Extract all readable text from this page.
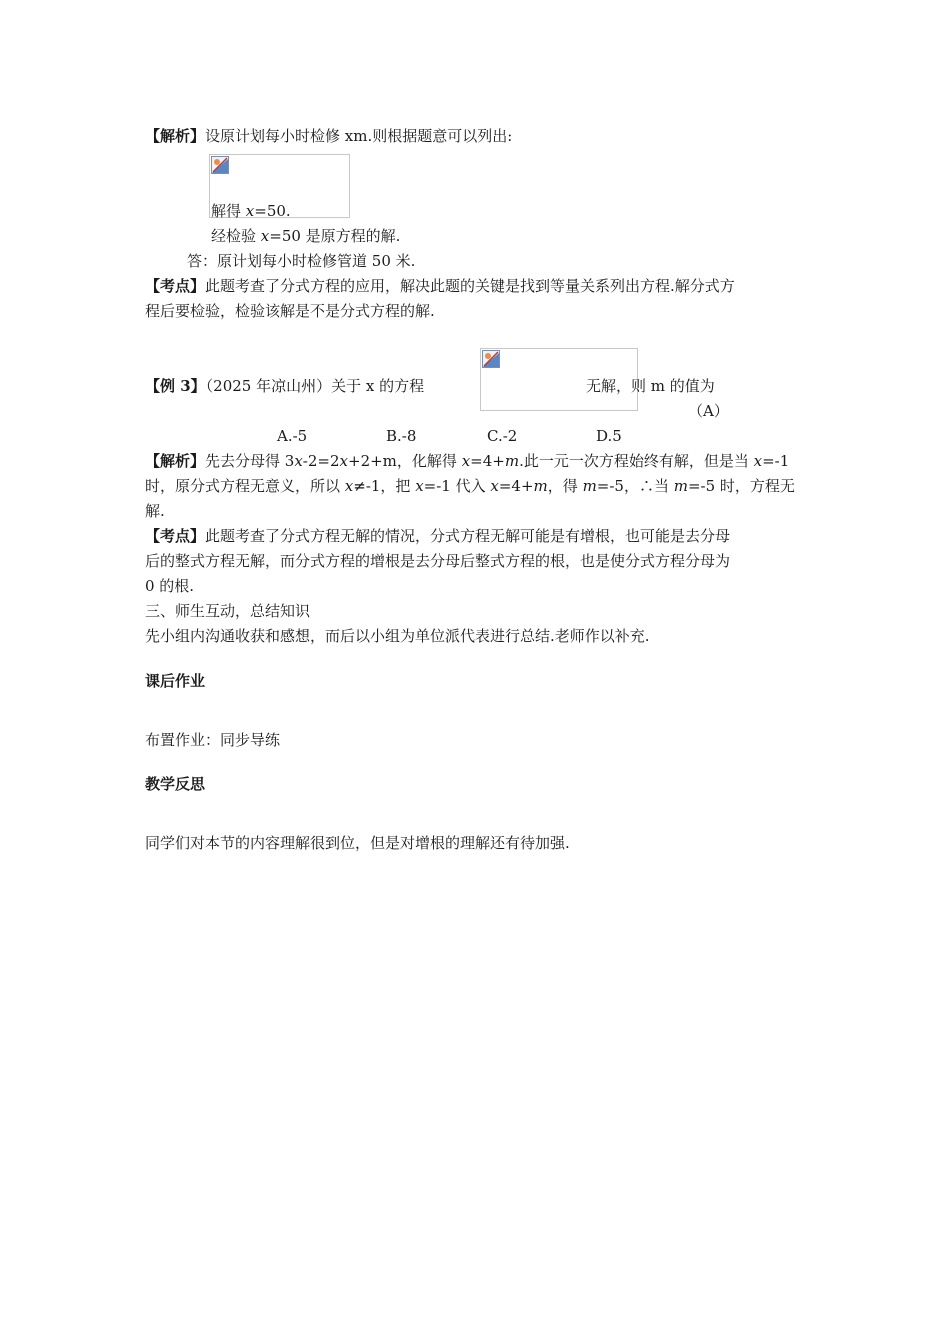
【解析】设原计划每小时检修 xm.则根据题意可以列出:
解得 x=50.
经检验 x=50 是原方程的解.
答：原计划每小时检修管道 50 米.
【考点】此题考查了分式方程的应用，解决此题的关键是找到等量关系列出方程.解分式方
程后要检验，检验该解是不是分式方程的解.
【例 3】（2025 年凉山州）关于 x 的方程	无解，则 m 的值为
（A）
A.-5	B.-8	C.-2	D.5
【解析】先去分母得 3x-2=2x+2+m，化解得 x=4+m.此一元一次方程始终有解，但是当 x=-1
时，原分式方程无意义，所以 x≠-1，把 x=-1 代入 x=4+m，得 m=-5，∴当 m=-5 时，方程无
解.
【考点】此题考查了分式方程无解的情况，分式方程无解可能是有增根，也可能是去分母
后的整式方程无解，而分式方程的增根是去分母后整式方程的根，也是使分式方程分母为
0 的根.
三、师生互动，总结知识
先小组内沟通收获和感想，而后以小组为单位派代表进行总结.老师作以补充.
课后作业
布置作业：同步导练
教学反思
同学们对本节的内容理解很到位，但是对增根的理解还有待加强.
